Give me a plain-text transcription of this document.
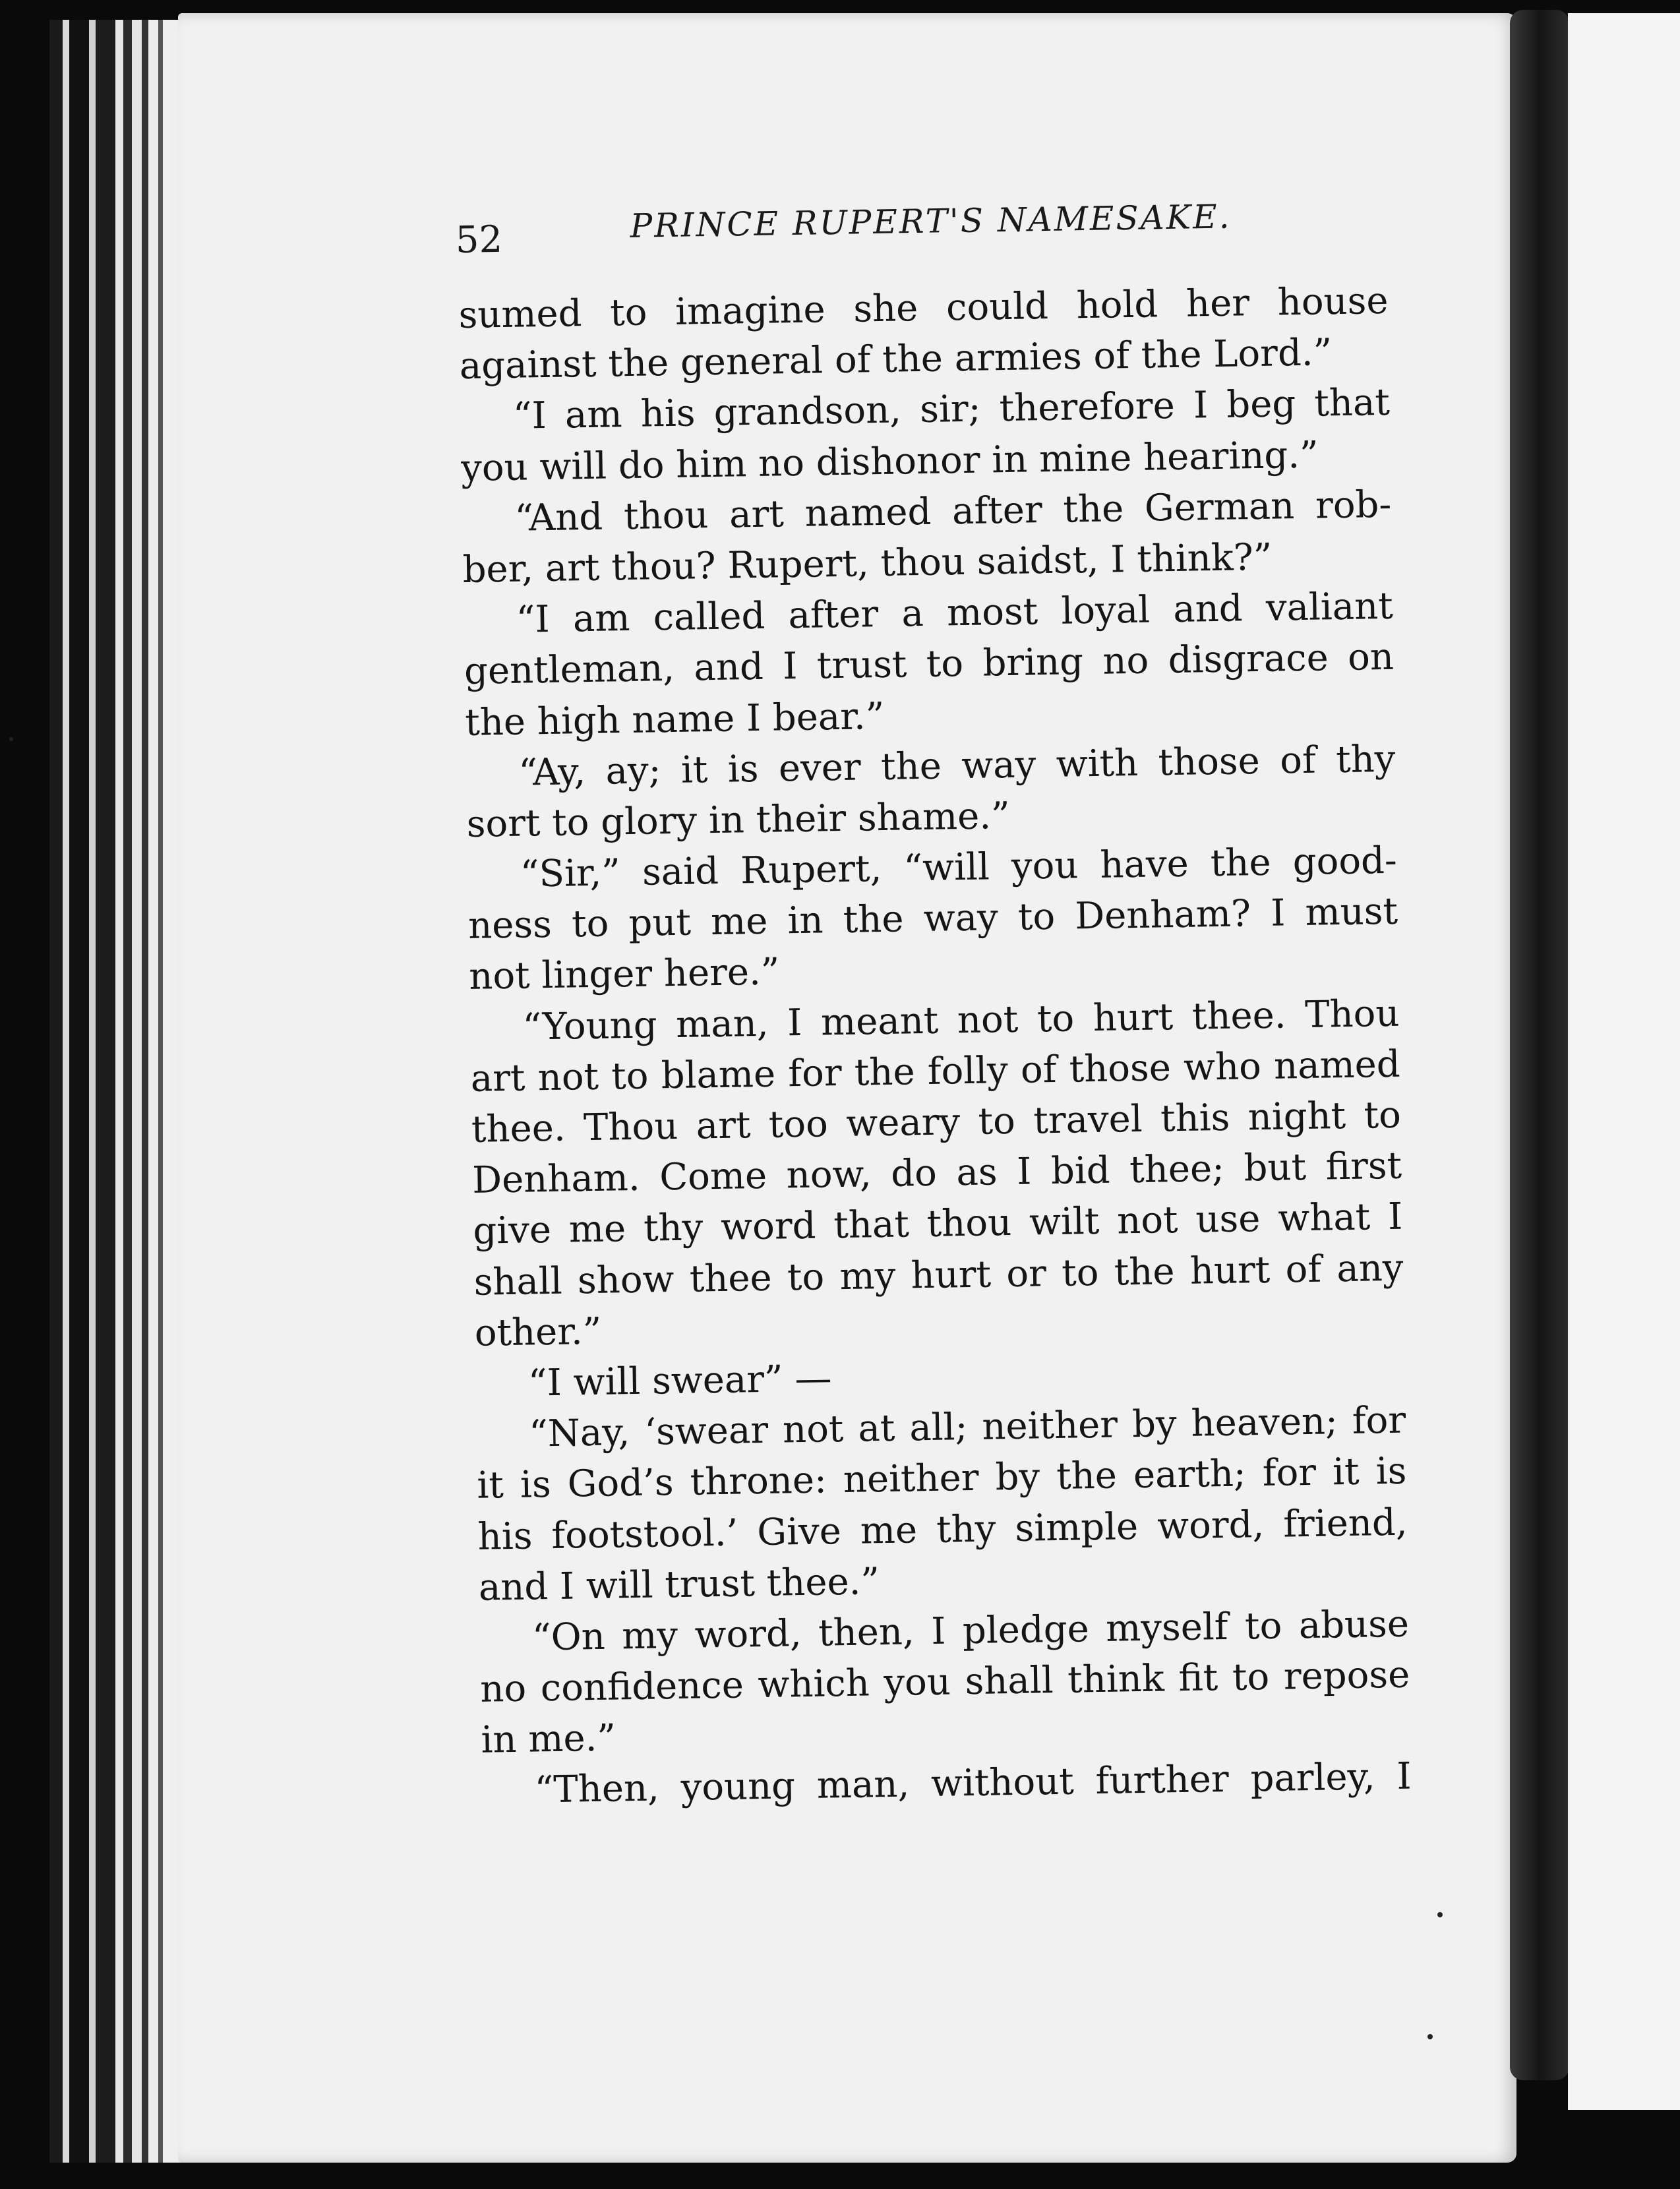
52	PRINCE RUPERT'S NAMESAKE.
sumed to imagine she could hold her house
against the general of the armies of the Lord.”
“I am his grandson, sir; therefore I beg that
you will do him no dishonor in mine hearing.”
“And thou art named after the German rob-
ber, art thou? Rupert, thou saidst, I think?”
“I am called after a most loyal and valiant
gentleman, and I trust to bring no disgrace on
the high name I bear.”
“Ay, ay; it is ever the way with those of thy
sort to glory in their shame.”
“Sir,” said Rupert, “will you have the good-
ness to put me in the way to Denham? I must
not linger here.”
“Young man, I meant not to hurt thee. Thou
art not to blame for the folly of those who named
thee. Thou art too weary to travel this night to
Denham. Come now, do as I bid thee; but first
give me thy word that thou wilt not use what I
shall show thee to my hurt or to the hurt of any
other.”
“I will swear” —
“Nay, ‘swear not at all; neither by heaven; for
it is God’s throne: neither by the earth; for it is
his footstool.’ Give me thy simple word, friend,
and I will trust thee.”
“On my word, then, I pledge myself to abuse
no confidence which you shall think fit to repose
in me.”
“Then, young man, without further parley, I
